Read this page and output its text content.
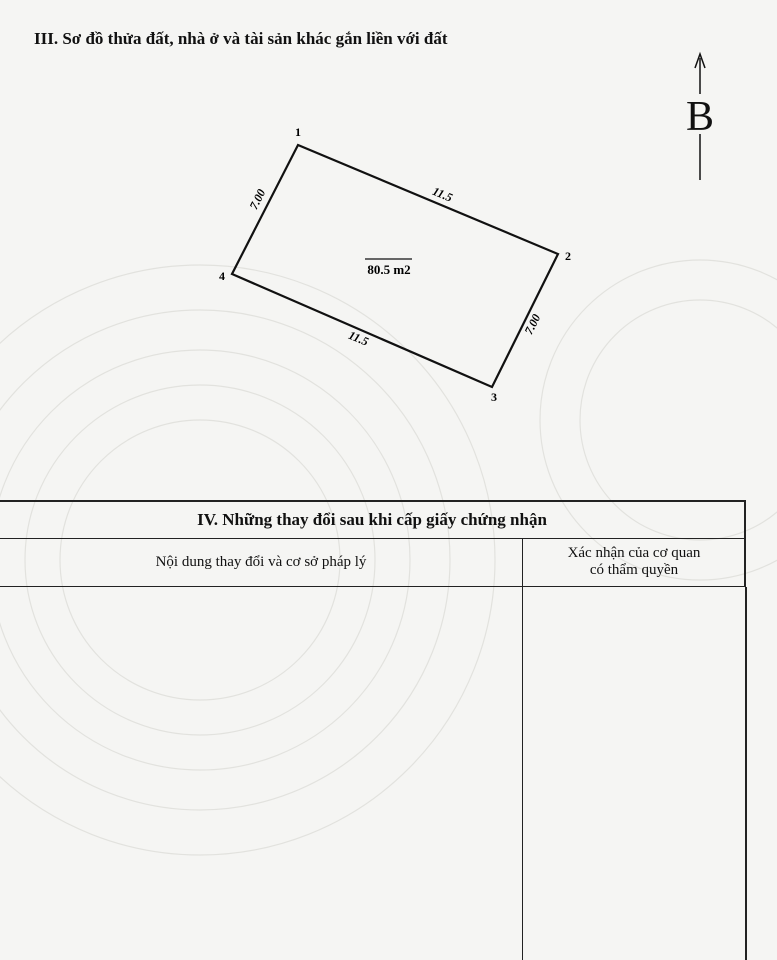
III. Sơ đồ thửa đất, nhà ở và tài sản khác gắn liền với đất
B
1
2
3
4
11.5
7.00
11.5
7.00
80.5 m2
IV. Những thay đổi sau khi cấp giấy chứng nhận
Nội dung thay đổi và cơ sở pháp lý
Xác nhận của cơ quan
có thẩm quyền
